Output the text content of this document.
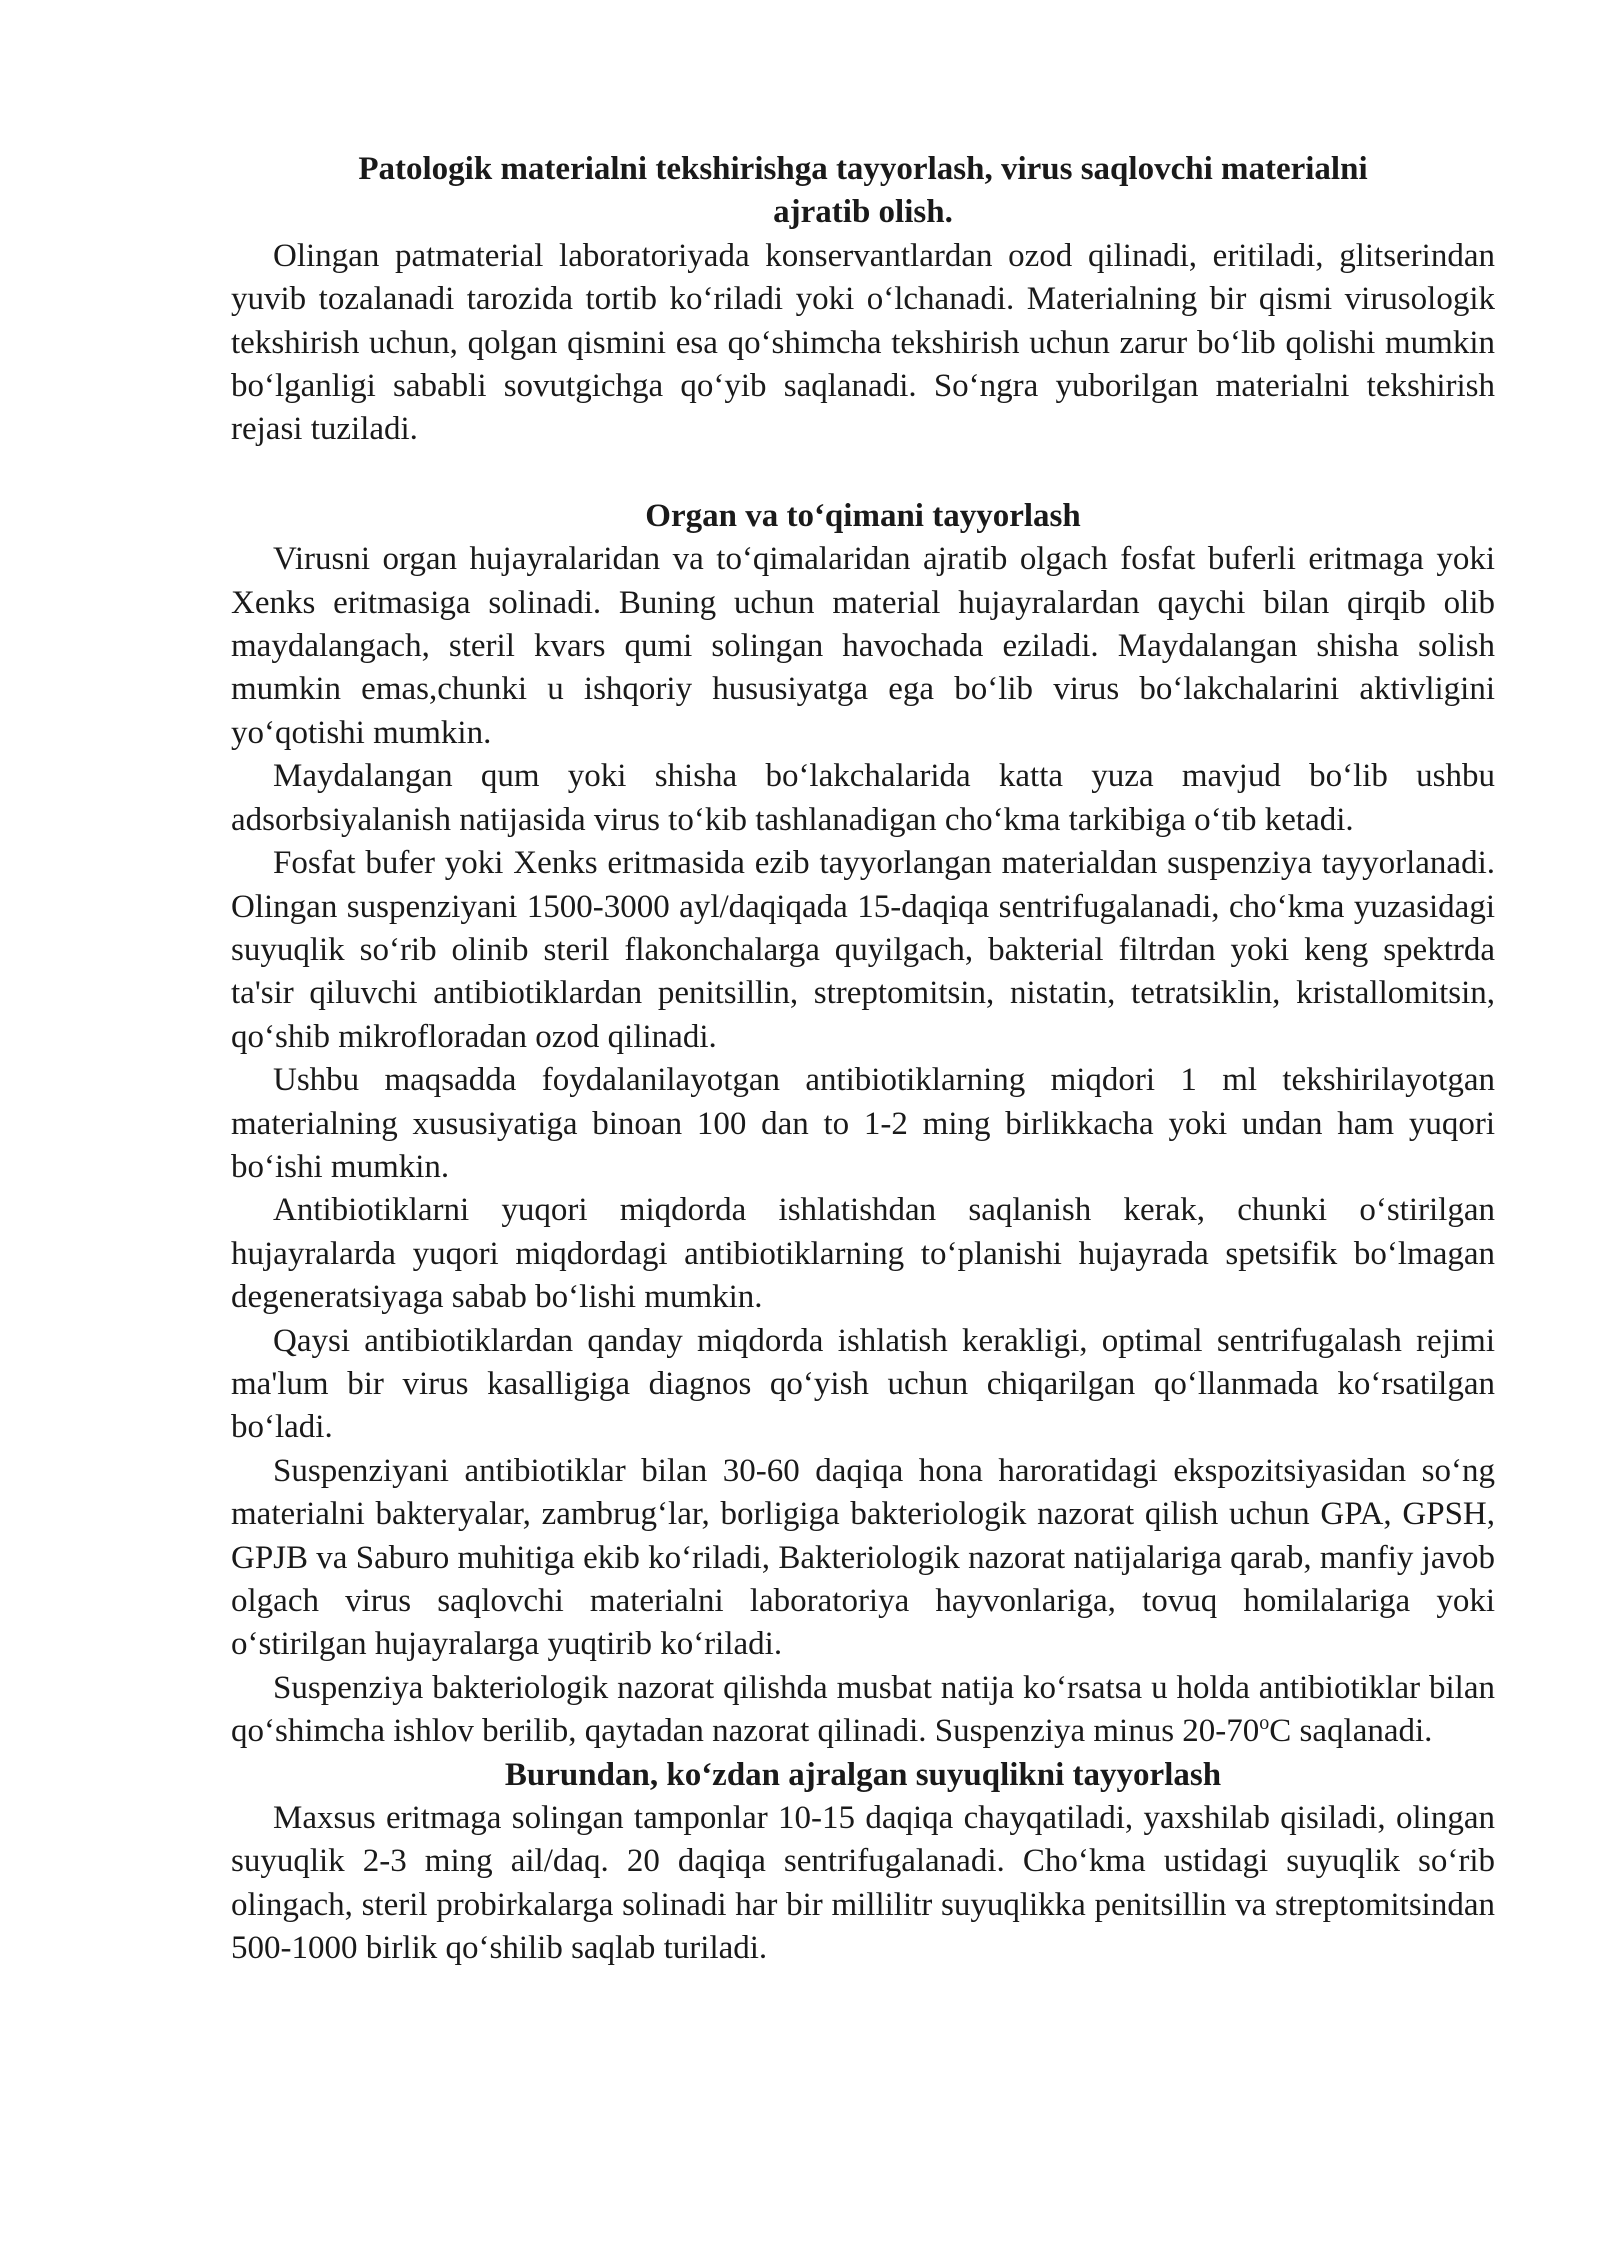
Patologik materialni tekshirishga tayyorlash, virus saqlovchi materialni ajratib olish.

Olingan patmaterial laboratoriyada konservantlardan ozod qilinadi, eritiladi, glitserindan yuvib tozalanadi tarozida tortib ko‘riladi yoki o‘lchanadi. Materialning bir qismi virusologik tekshirish uchun, qolgan qismini esa qo‘shimcha tekshirish uchun zarur bo‘lib qolishi mumkin bo‘lganligi sababli sovutgichga qo‘yib saqlanadi. So‘ngra yuborilgan materialni tekshirish rejasi tuziladi.

Organ va to‘qimani tayyorlash

Virusni organ hujayralaridan va to‘qimalaridan ajratib olgach fosfat buferli eritmaga yoki Xenks eritmasiga solinadi. Buning uchun material hujayralardan qaychi bilan qirqib olib maydalangach, steril kvars qumi solingan havochada eziladi. Maydalangan shisha solish mumkin emas,chunki u ishqoriy hususiyatga ega bo‘lib virus bo‘lakchalarini aktivligini yo‘qotishi mumkin.

Maydalangan qum yoki shisha bo‘lakchalarida katta yuza mavjud bo‘lib ushbu adsorbsiyalanish natijasida virus to‘kib tashlanadigan cho‘kma tarkibiga o‘tib ketadi.

Fosfat bufer yoki Xenks eritmasida ezib tayyorlangan materialdan suspenziya tayyorlanadi. Olingan suspenziyani 1500-3000 ayl/daqiqada 15-daqiqa sentrifugalanadi, cho‘kma yuzasidagi suyuqlik so‘rib olinib steril flakonchalarga quyilgach, bakterial filtrdan yoki keng spektrda ta'sir qiluvchi antibiotiklardan penitsillin, streptomitsin, nistatin, tetratsiklin, kristallomitsin, qo‘shib mikrofloradan ozod qilinadi.

Ushbu maqsadda foydalanilayotgan antibiotiklarning miqdori 1 ml tekshirilayotgan materialning xususiyatiga binoan 100 dan to 1-2 ming birlikkacha yoki undan ham yuqori bo‘ishi mumkin.

Antibiotiklarni yuqori miqdorda ishlatishdan saqlanish kerak, chunki o‘stirilgan hujayralarda yuqori miqdordagi antibiotiklarning to‘planishi hujayrada spetsifik bo‘lmagan degeneratsiyaga sabab bo‘lishi mumkin.

Qaysi antibiotiklardan qanday miqdorda ishlatish kerakligi, optimal sentrifugalash rejimi ma'lum bir virus kasalligiga diagnos qo‘yish uchun chiqarilgan qo‘llanmada ko‘rsatilgan bo‘ladi.

Suspenziyani antibiotiklar bilan 30-60 daqiqa hona haroratidagi ekspozitsiyasidan so‘ng materialni bakteryalar, zambrug‘lar, borligiga bakteriologik nazorat qilish uchun GPA, GPSH, GPJB va Saburo muhitiga ekib ko‘riladi, Bakteriologik nazorat natijalariga qarab, manfiy javob olgach virus saqlovchi materialni laboratoriya hayvonlariga, tovuq homilalariga yoki o‘stirilgan hujayralarga yuqtirib ko‘riladi.

Suspenziya bakteriologik nazorat qilishda musbat natija ko‘rsatsa u holda antibiotiklar bilan qo‘shimcha ishlov berilib, qaytadan nazorat qilinadi. Suspenziya minus 20-70$^o$C saqlanadi.

Burundan, ko‘zdan ajralgan suyuqlikni tayyorlash

Maxsus eritmaga solingan tamponlar 10-15 daqiqa chayqatiladi, yaxshilab qisiladi, olingan suyuqlik 2-3 ming ail/daq. 20 daqiqa sentrifugalanadi. Cho‘kma ustidagi suyuqlik so‘rib olingach, steril probirkalarga solinadi har bir millilitr suyuqlikka penitsillin va streptomitsindan 500-1000 birlik qo‘shilib saqlab turiladi.
